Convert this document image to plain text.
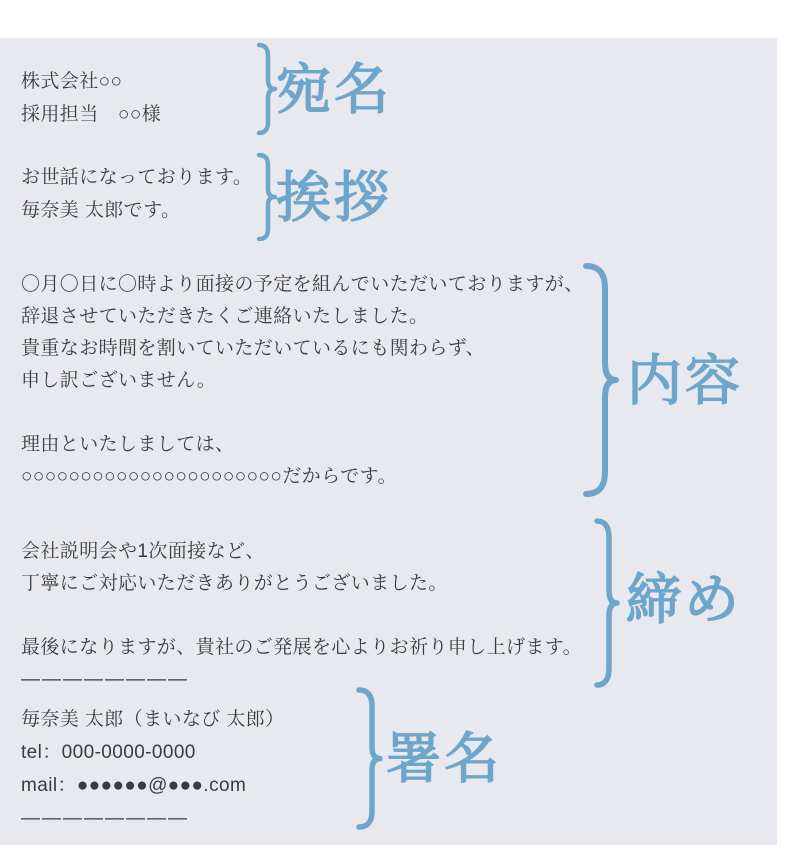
株式会社○○
採用担当　○○様
お世話になっております。
毎奈美 太郎です。
〇月〇日に〇時より面接の予定を組んでいただいておりますが、
辞退させていただきたくご連絡いたしました。
貴重なお時間を割いていただいているにも関わらず、
申し訳ございません。
理由といたしましては、
○○○○○○○○○○○○○○○○○○○○○○だからです。
会社説明会や1次面接など、
丁寧にご対応いただきありがとうございました。
最後になりますが、貴社のご発展を心よりお祈り申し上げます。
————————
毎奈美 太郎（まいなび 太郎）
tel：000-0000-0000
mail：●●●●●●@●●●.com
————————
宛名
挨拶
内容
締め
署名
